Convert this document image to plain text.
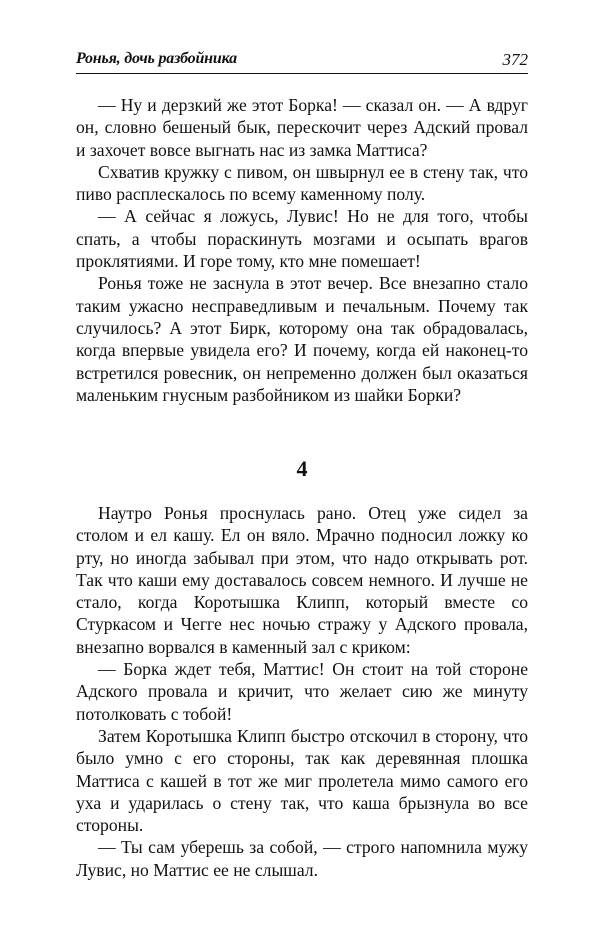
Ронья, дочь разбойника	372

— Ну и дерзкий же этот Борка! — сказал он. — А вдруг он, словно бешеный бык, перескочит через Адский провал и захочет вовсе выгнать нас из замка Маттиса?

Схватив кружку с пивом, он швырнул ее в стену так, что пиво расплескалось по всему каменному полу.

— А сейчас я ложусь, Лувис! Но не для того, чтобы спать, а чтобы пораскинуть мозгами и осыпать врагов проклятиями. И горе тому, кто мне помешает!

Ронья тоже не заснула в этот вечер. Все внезапно стало таким ужасно несправедливым и печальным. Почему так случилось? А этот Бирк, которому она так обрадовалась, когда впервые увидела его? И почему, когда ей наконец-то встретился ровесник, он непременно должен был оказаться маленьким гнусным разбойником из шайки Борки?

4

Наутро Ронья проснулась рано. Отец уже сидел за столом и ел кашу. Ел он вяло. Мрачно подносил ложку ко рту, но иногда забывал при этом, что надо открывать рот. Так что каши ему доставалось совсем немного. И лучше не стало, когда Коротышка Клипп, который вместе со Стуркасом и Чегге нес ночью стражу у Адского провала, внезапно ворвался в каменный зал с криком:

— Борка ждет тебя, Маттис! Он стоит на той стороне Адского провала и кричит, что желает сию же минуту потолковать с тобой!

Затем Коротышка Клипп быстро отскочил в сторону, что было умно с его стороны, так как деревянная плошка Маттиса с кашей в тот же миг пролетела мимо самого его уха и ударилась о стену так, что каша брызнула во все стороны.

— Ты сам уберешь за собой, — строго напомнила мужу Лувис, но Маттис ее не слышал.
